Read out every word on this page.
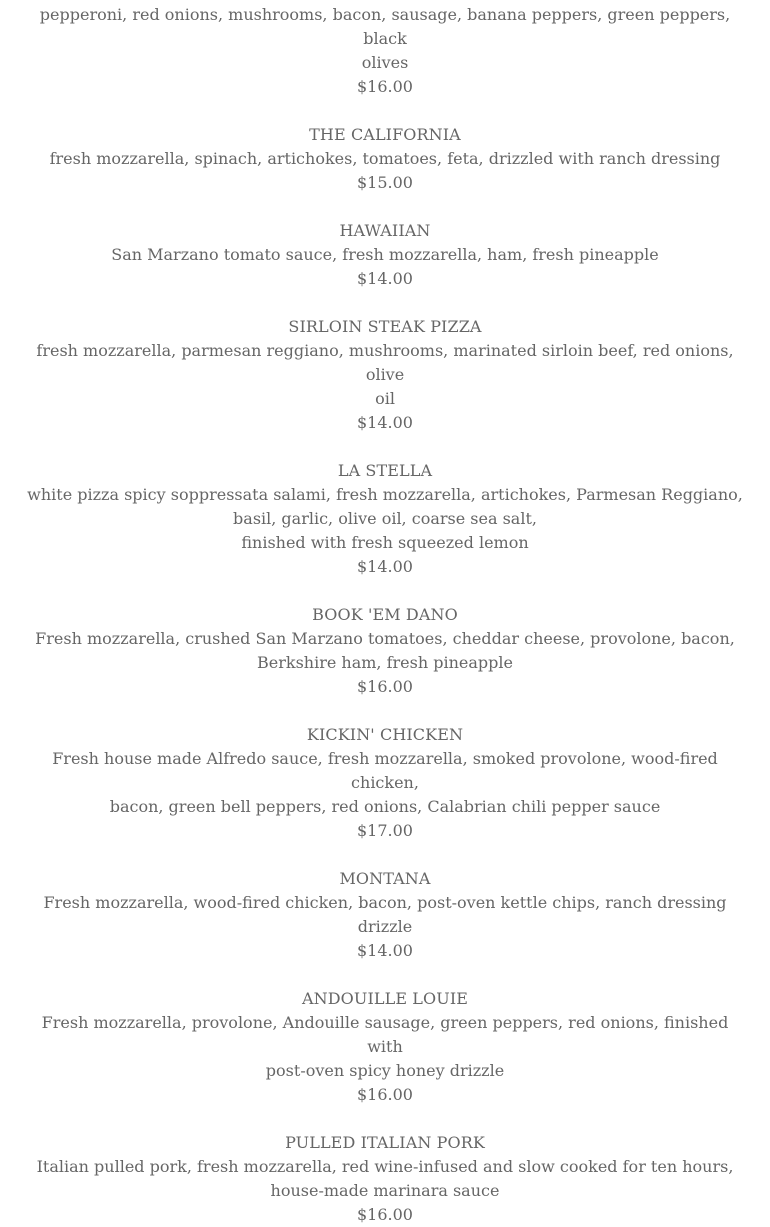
pepperoni, red onions, mushrooms, bacon, sausage, banana peppers, green peppers, black
olives
$16.00
THE CALIFORNIA
fresh mozzarella, spinach, artichokes, tomatoes, feta, drizzled with ranch dressing
$15.00
HAWAIIAN
San Marzano tomato sauce, fresh mozzarella, ham, fresh pineapple
$14.00
SIRLOIN STEAK PIZZA
fresh mozzarella, parmesan reggiano, mushrooms, marinated sirloin beef, red onions, olive
oil
$14.00
LA STELLA
white pizza spicy soppressata salami, fresh mozzarella, artichokes, Parmesan Reggiano,
basil, garlic, olive oil, coarse sea salt,
finished with fresh squeezed lemon
$14.00
BOOK 'EM DANO
Fresh mozzarella, crushed San Marzano tomatoes, cheddar cheese, provolone, bacon,
Berkshire ham, fresh pineapple
$16.00
KICKIN' CHICKEN
Fresh house made Alfredo sauce, fresh mozzarella, smoked provolone, wood-fired chicken,
bacon, green bell peppers, red onions, Calabrian chili pepper sauce
$17.00
MONTANA
Fresh mozzarella, wood-fired chicken, bacon, post-oven kettle chips, ranch dressing drizzle
$14.00
ANDOUILLE LOUIE
Fresh mozzarella, provolone, Andouille sausage, green peppers, red onions, finished with
post-oven spicy honey drizzle
$16.00
PULLED ITALIAN PORK
Italian pulled pork, fresh mozzarella, red wine-infused and slow cooked for ten hours,
house-made marinara sauce
$16.00
